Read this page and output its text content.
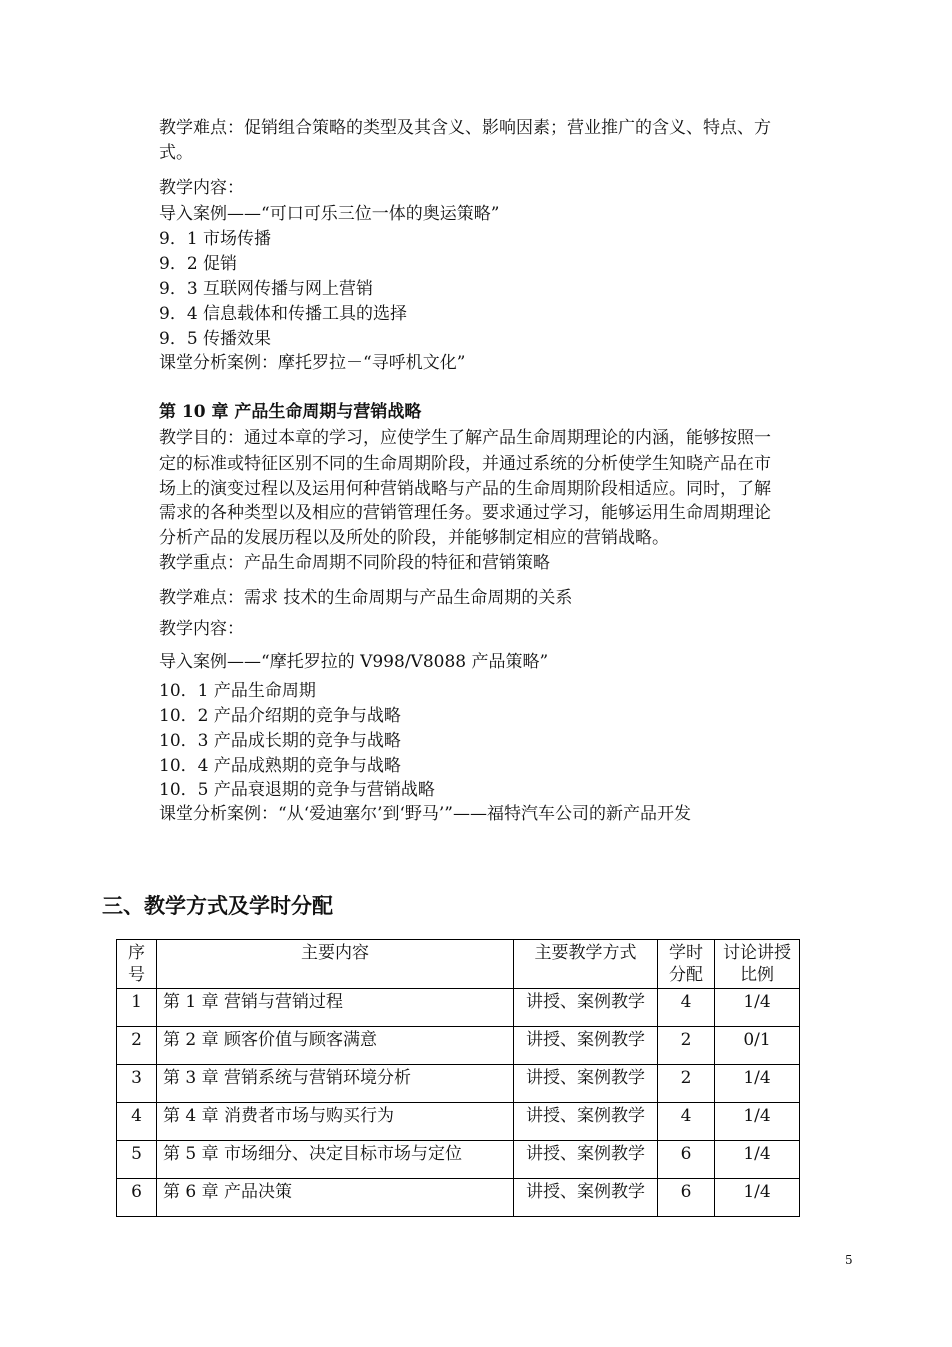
教学难点：促销组合策略的类型及其含义、影响因素；营业推广的含义、特点、方
式。
教学内容：
导入案例——“可口可乐三位一体的奥运策略”
9．1 市场传播
9．2 促销
9．3 互联网传播与网上营销
9．4 信息载体和传播工具的选择
9．5 传播效果
课堂分析案例：摩托罗拉－“寻呼机文化”
第 10 章 产品生命周期与营销战略
教学目的：通过本章的学习，应使学生了解产品生命周期理论的内涵，能够按照一
定的标准或特征区别不同的生命周期阶段，并通过系统的分析使学生知晓产品在市
场上的演变过程以及运用何种营销战略与产品的生命周期阶段相适应。同时，了解
需求的各种类型以及相应的营销管理任务。要求通过学习，能够运用生命周期理论
分析产品的发展历程以及所处的阶段，并能够制定相应的营销战略。
教学重点：产品生命周期不同阶段的特征和营销策略
教学难点：需求 技术的生命周期与产品生命周期的关系
教学内容：
导入案例——“摩托罗拉的 V998/V8088 产品策略”
10．1 产品生命周期
10．2 产品介绍期的竞争与战略
10．3 产品成长期的竞争与战略
10．4 产品成熟期的竞争与战略
10．5 产品衰退期的竞争与营销战略
课堂分析案例：“从‘爱迪塞尔’到‘野马’”——福特汽车公司的新产品开发
三、教学方式及学时分配
序号	主要内容	主要教学方式	学时分配	讨论讲授比例
1	第 1 章 营销与营销过程	讲授、案例教学	4	1/4
2	第 2 章 顾客价值与顾客满意	讲授、案例教学	2	0/1
3	第 3 章 营销系统与营销环境分析	讲授、案例教学	2	1/4
4	第 4 章 消费者市场与购买行为	讲授、案例教学	4	1/4
5	第 5 章 市场细分、决定目标市场与定位	讲授、案例教学	6	1/4
6	第 6 章 产品决策	讲授、案例教学	6	1/4
5
